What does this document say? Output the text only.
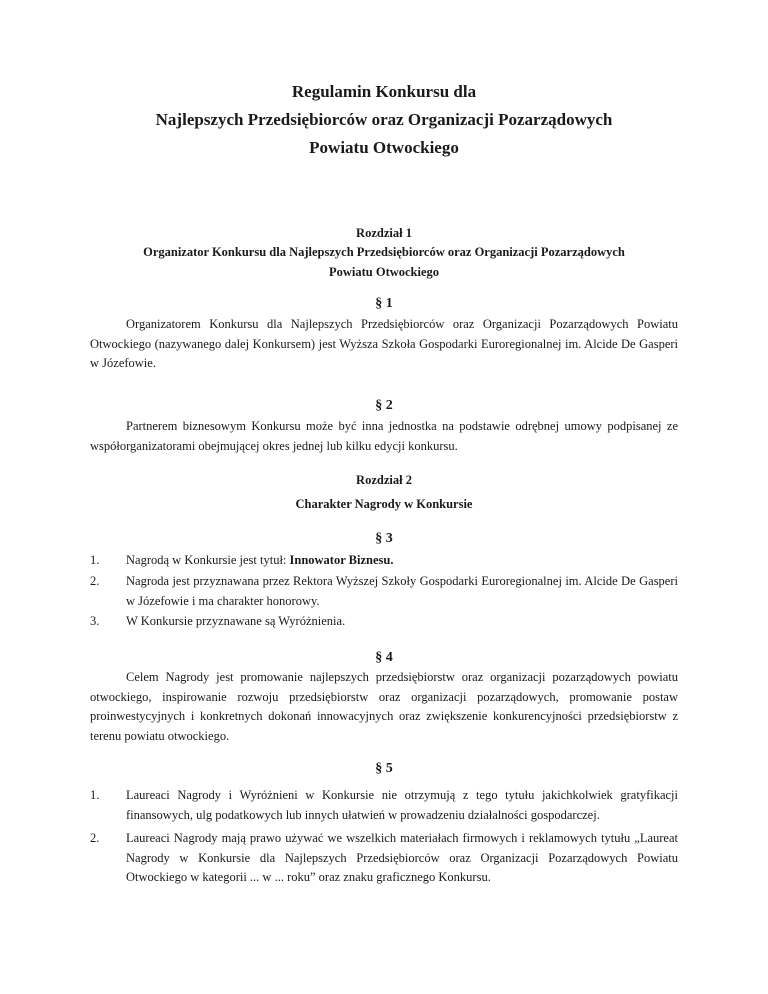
Regulamin Konkursu dla
Najlepszych Przedsiębiorców oraz Organizacji Pozarządowych
Powiatu Otwockiego
Rozdział 1
Organizator Konkursu dla Najlepszych Przedsiębiorców oraz Organizacji Pozarządowych
Powiatu Otwockiego
§ 1
Organizatorem Konkursu dla Najlepszych Przedsiębiorców oraz Organizacji Pozarządowych Powiatu Otwockiego (nazywanego dalej Konkursem) jest Wyższa Szkoła Gospodarki Euroregionalnej im. Alcide De Gasperi w Józefowie.
§ 2
Partnerem biznesowym Konkursu może być inna jednostka na podstawie odrębnej umowy podpisanej ze współorganizatorami obejmującej okres jednej lub kilku edycji konkursu.
Rozdział 2
Charakter Nagrody w Konkursie
§ 3
1. Nagrodą w Konkursie jest tytuł: Innowator Biznesu.
2. Nagroda jest przyznawana przez Rektora Wyższej Szkoły Gospodarki Euroregionalnej im. Alcide De Gasperi w Józefowie i ma charakter honorowy.
3. W Konkursie przyznawane są Wyróżnienia.
§ 4
Celem Nagrody jest promowanie najlepszych przedsiębiorstw oraz organizacji pozarządowych powiatu otwockiego, inspirowanie rozwoju przedsiębiorstw oraz organizacji pozarządowych, promowanie postaw proinwestycyjnych i konkretnych dokonań innowacyjnych oraz zwiększenie konkurencyjności przedsiębiorstw z terenu powiatu otwockiego.
§ 5
1. Laureaci Nagrody i Wyróżnieni w Konkursie nie otrzymują z tego tytułu jakichkolwiek gratyfikacji finansowych, ulg podatkowych lub innych ułatwień w prowadzeniu działalności gospodarczej.
2. Laureaci Nagrody mają prawo używać we wszelkich materiałach firmowych i reklamowych tytułu „Laureat Nagrody w Konkursie dla Najlepszych Przedsiębiorców oraz Organizacji Pozarządowych Powiatu Otwockiego w kategorii ... w ... roku” oraz znaku graficznego Konkursu.
